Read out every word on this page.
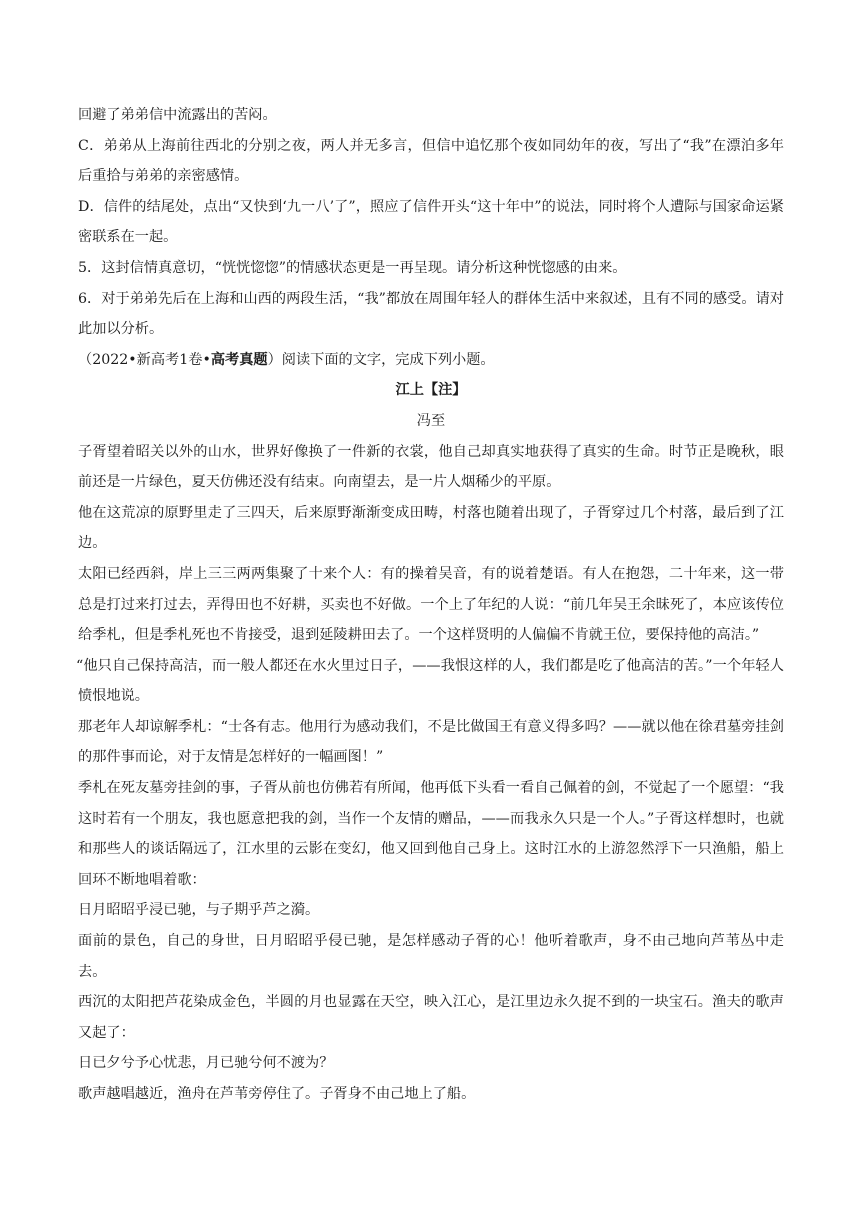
回避了弟弟信中流露出的苦闷。

C．弟弟从上海前往西北的分别之夜，两人并无多言，但信中追忆那个夜如同幼年的夜，写出了“我”在漂泊多年后重拾与弟弟的亲密感情。

D．信件的结尾处，点出“又快到‘九一八’了”，照应了信件开头“这十年中”的说法，同时将个人遭际与国家命运紧密联系在一起。

5．这封信情真意切，“恍恍惚惚”的情感状态更是一再呈现。请分析这种恍惚感的由来。

6．对于弟弟先后在上海和山西的两段生活，“我”都放在周围年轻人的群体生活中来叙述，且有不同的感受。请对此加以分析。

（2022•新高考1卷•高考真题）阅读下面的文字，完成下列小题。

江上【注】

冯至

子胥望着昭关以外的山水，世界好像换了一件新的衣裳，他自己却真实地获得了真实的生命。时节正是晚秋，眼前还是一片绿色，夏天仿佛还没有结束。向南望去，是一片人烟稀少的平原。

他在这荒凉的原野里走了三四天，后来原野渐渐变成田畴，村落也随着出现了，子胥穿过几个村落，最后到了江边。

太阳已经西斜，岸上三三两两集聚了十来个人：有的操着吴音，有的说着楚语。有人在抱怨，二十年来，这一带总是打过来打过去，弄得田也不好耕，买卖也不好做。一个上了年纪的人说：“前几年吴王余昧死了，本应该传位给季札，但是季札死也不肯接受，退到延陵耕田去了。一个这样贤明的人偏偏不肯就王位，要保持他的高洁。”

“他只自己保持高洁，而一般人都还在水火里过日子，——我恨这样的人，我们都是吃了他高洁的苦。”一个年轻人愤恨地说。

那老年人却谅解季札：“士各有志。他用行为感动我们，不是比做国王有意义得多吗？——就以他在徐君墓旁挂剑的那件事而论，对于友情是怎样好的一幅画图！”

季札在死友墓旁挂剑的事，子胥从前也仿佛若有所闻，他再低下头看一看自己佩着的剑，不觉起了一个愿望：“我这时若有一个朋友，我也愿意把我的剑，当作一个友情的赠品，——而我永久只是一个人。”子胥这样想时，也就和那些人的谈话隔远了，江水里的云影在变幻，他又回到他自己身上。这时江水的上游忽然浮下一只渔船，船上回环不断地唱着歌：

日月昭昭乎浸已驰，与子期乎芦之漪。

面前的景色，自己的身世，日月昭昭乎侵已驰，是怎样感动子胥的心！他听着歌声，身不由己地向芦苇丛中走去。

西沉的太阳把芦花染成金色，半圆的月也显露在天空，映入江心，是江里边永久捉不到的一块宝石。渔夫的歌声又起了：

日已夕兮予心忧悲，月已驰兮何不渡为？

歌声越唱越近，渔舟在芦苇旁停住了。子胥身不由己地上了船。
